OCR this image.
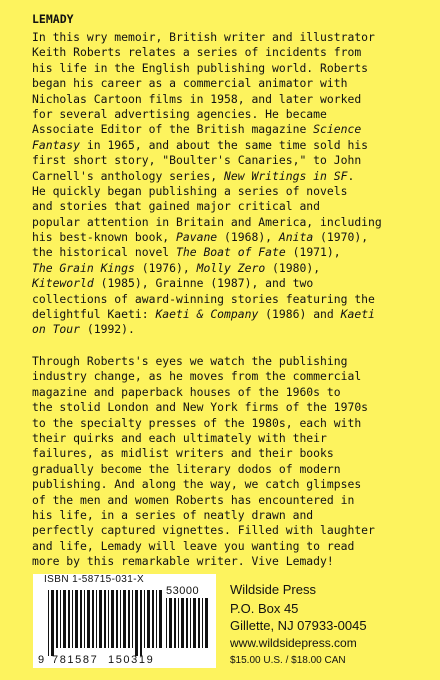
LEMADY
In this wry memoir, British writer and illustrator
Keith Roberts relates a series of incidents from
his life in the English publishing world. Roberts
began his career as a commercial animator with
Nicholas Cartoon films in 1958, and later worked
for several advertising agencies. He became
Associate Editor of the British magazine Science
Fantasy in 1965, and about the same time sold his
first short story, "Boulter's Canaries," to John
Carnell's anthology series, New Writings in SF.
He quickly began publishing a series of novels
and stories that gained major critical and
popular attention in Britain and America, including
his best-known book, Pavane (1968), Anita (1970),
the historical novel The Boat of Fate (1971),
The Grain Kings (1976), Molly Zero (1980),
Kiteworld (1985), Grainne (1987), and two
collections of award-winning stories featuring the
delightful Kaeti: Kaeti & Company (1986) and Kaeti
on Tour (1992).
Through Roberts's eyes we watch the publishing
industry change, as he moves from the commercial
magazine and paperback houses of the 1960s to
the stolid London and New York firms of the 1970s
to the specialty presses of the 1980s, each with
their quirks and each ultimately with their
failures, as midlist writers and their books
gradually become the literary dodos of modern
publishing. And along the way, we catch glimpses
of the men and women Roberts has encountered in
his life, in a series of neatly drawn and
perfectly captured vignettes. Filled with laughter
and life, Lemady will leave you wanting to read
more by this remarkable writer. Vive Lemady!
ISBN 1-58715-031-X
53000
9 781587 150319
Wildside Press
P.O. Box 45
Gillette, NJ 07933-0045
www.wildsidepress.com
$15.00 U.S. / $18.00 CAN
